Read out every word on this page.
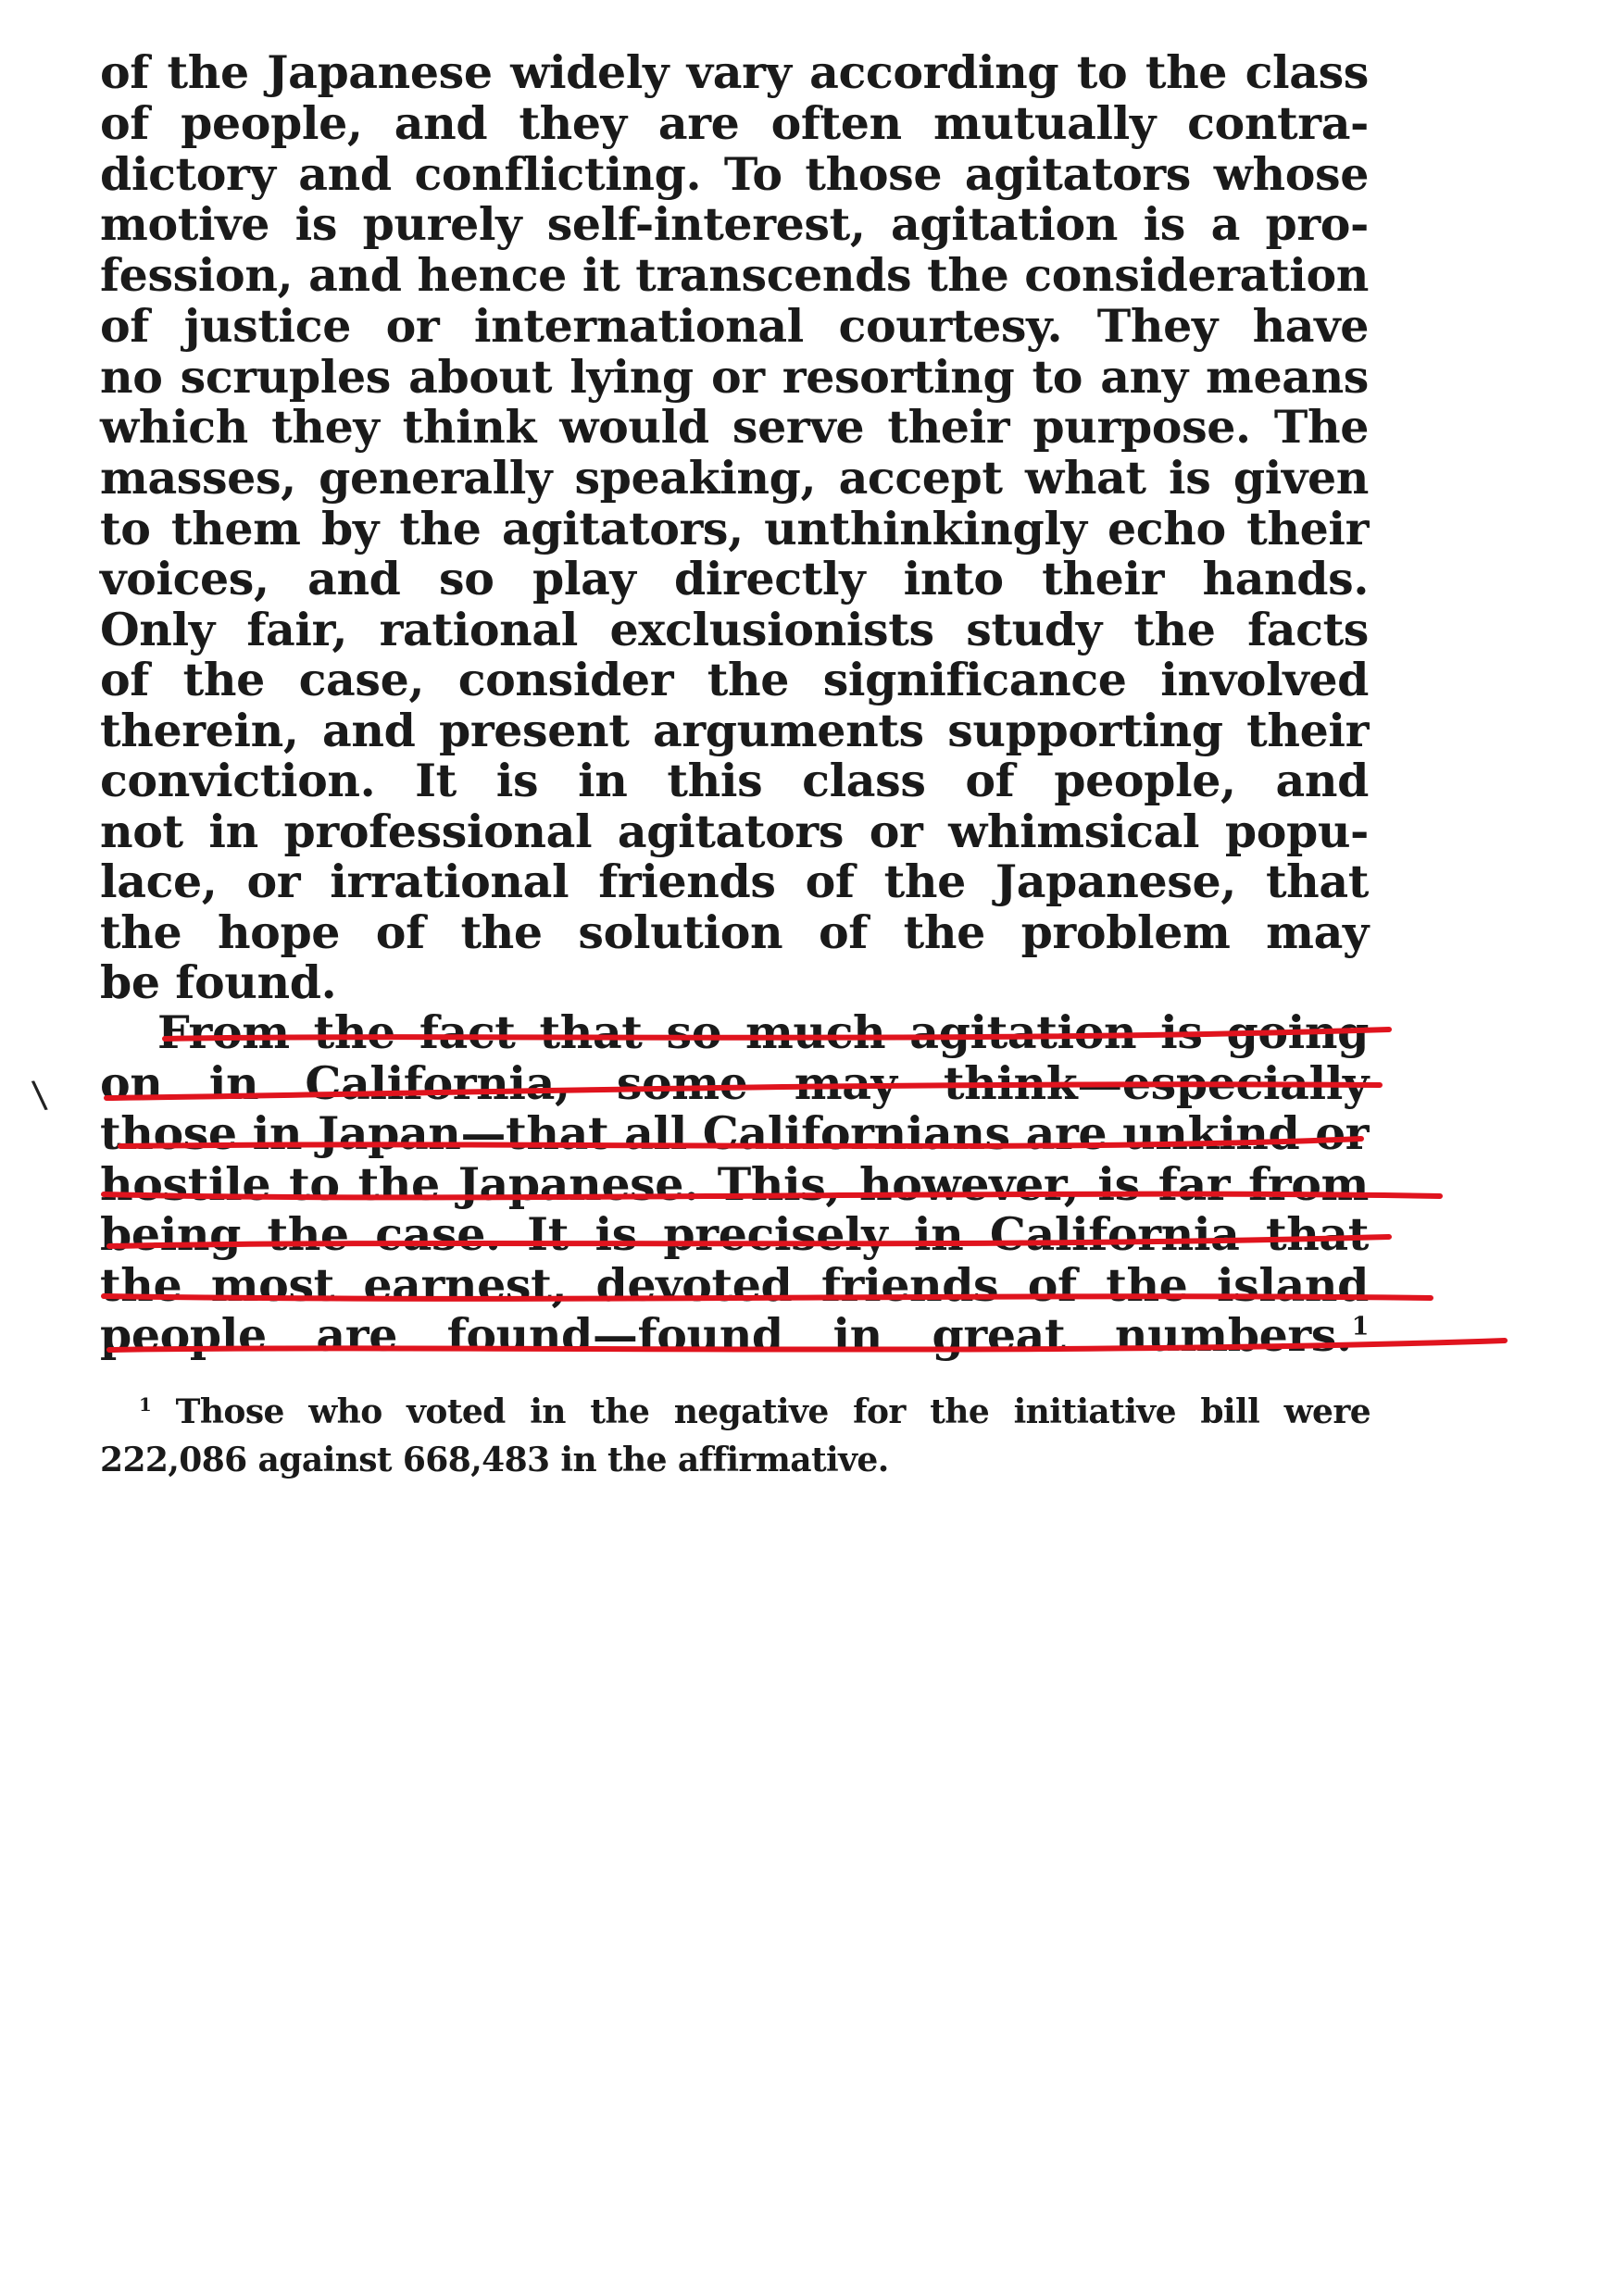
\
of the Japanese widely vary according to the class
of people, and they are often mutually contra-
dictory and conflicting. To those agitators whose
motive is purely self-interest, agitation is a pro-
fession, and hence it transcends the consideration
of justice or international courtesy. They have
no scruples about lying or resorting to any means
which they think would serve their purpose. The
masses, generally speaking, accept what is given
to them by the agitators, unthinkingly echo their
voices, and so play directly into their hands.
Only fair, rational exclusionists study the facts
of the case, consider the significance involved
therein, and present arguments supporting their
conviction. It is in this class of people, and
not in professional agitators or whimsical popu-
lace, or irrational friends of the Japanese, that
the hope of the solution of the problem may
be found.
From the fact that so much agitation is going
on in California, some may think—especially
those in Japan—that all Californians are unkind or
hostile to the Japanese. This, however, is far from
being the case. It is precisely in California that
the most earnest, devoted friends of the island
people are found—found in great numbers.$^1$
$^1$ Those who voted in the negative for the initiative bill were
222,086 against 668,483 in the affirmative.
